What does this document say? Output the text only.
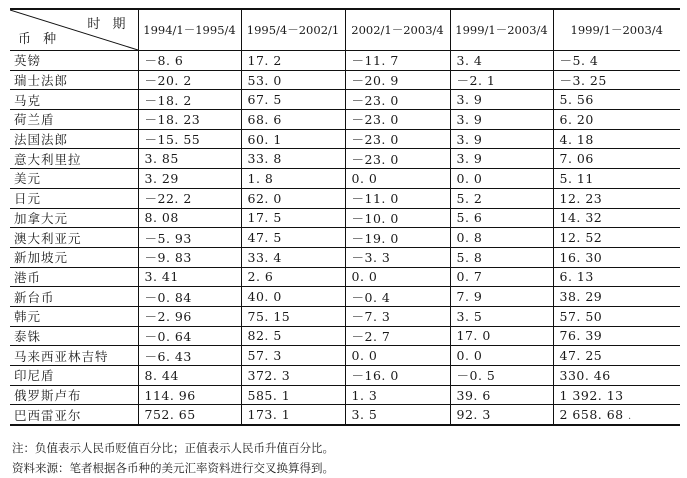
时 期
币 种	1994/1－1995/4	1995/4－2002/1	2002/1－2003/4	1999/1－2003/4	1999/1－2003/4
英镑	－8. 6	17. 2	－11. 7	3. 4	－5. 4
瑞士法郎	－20. 2	53. 0	－20. 9	－2. 1	－3. 25
马克	－18. 2	67. 5	－23. 0	3. 9	5. 56
荷兰盾	－18. 23	68. 6	－23. 0	3. 9	6. 20
法国法郎	－15. 55	60. 1	－23. 0	3. 9	4. 18
意大利里拉	3. 85	33. 8	－23. 0	3. 9	7. 06
美元	3. 29	1. 8	0. 0	0. 0	5. 11
日元	－22. 2	62. 0	－11. 0	5. 2	12. 23
加拿大元	8. 08	17. 5	－10. 0	5. 6	14. 32
澳大利亚元	－5. 93	47. 5	－19. 0	0. 8	12. 52
新加坡元	－9. 83	33. 4	－3. 3	5. 8	16. 30
港币	3. 41	2. 6	0. 0	0. 7	6. 13
新台币	－0. 84	40. 0	－0. 4	7. 9	38. 29
韩元	－2. 96	75. 15	－7. 3	3. 5	57. 50
泰铢	－0. 64	82. 5	－2. 7	17. 0	76. 39
马来西亚林吉特	－6. 43	57. 3	0. 0	0. 0	47. 25
印尼盾	8. 44	372. 3	－16. 0	－0. 5	330. 46
俄罗斯卢布	114. 96	585. 1	1. 3	39. 6	1 392. 13
巴西雷亚尔	752. 65	173. 1	3. 5	92. 3	2 658. 68
注：负值表示人民币贬值百分比；正值表示人民币升值百分比。
资料来源：笔者根据各币种的美元汇率资料进行交叉换算得到。
·
